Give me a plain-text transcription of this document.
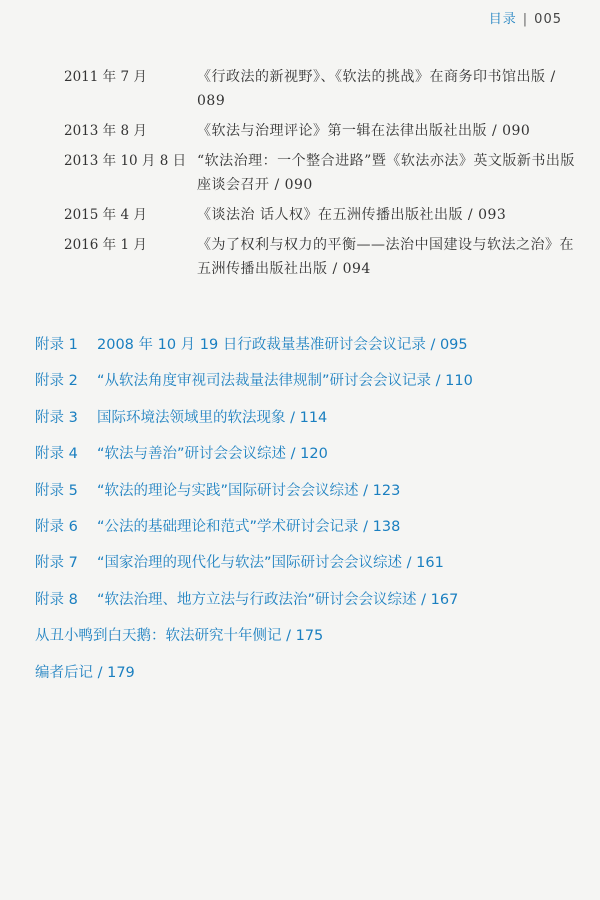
目录 | 005
2011 年 7 月	《行政法的新视野》、《软法的挑战》在商务印书馆出版 / 089
2013 年 8 月	《软法与治理评论》第一辑在法律出版社出版 / 090
2013 年 10 月 8 日 “软法治理：一个整合进路”暨《软法亦法》英文版新书出版座谈会召开 / 090
2015 年 4 月	《谈法治 话人权》在五洲传播出版社出版 / 093
2016 年 1 月	《为了权利与权力的平衡——法治中国建设与软法之治》在五洲传播出版社出版 / 094
附录 1	2008 年 10 月 19 日行政裁量基准研讨会会议记录 / 095
附录 2	“从软法角度审视司法裁量法律规制”研讨会会议记录 / 110
附录 3	国际环境法领域里的软法现象 / 114
附录 4	“软法与善治”研讨会会议综述 / 120
附录 5	“软法的理论与实践”国际研讨会会议综述 / 123
附录 6	“公法的基础理论和范式”学术研讨会记录 / 138
附录 7	“国家治理的现代化与软法”国际研讨会会议综述 / 161
附录 8	“软法治理、地方立法与行政法治”研讨会会议综述 / 167
从丑小鸭到白天鹅：软法研究十年侧记 / 175
编者后记 / 179
